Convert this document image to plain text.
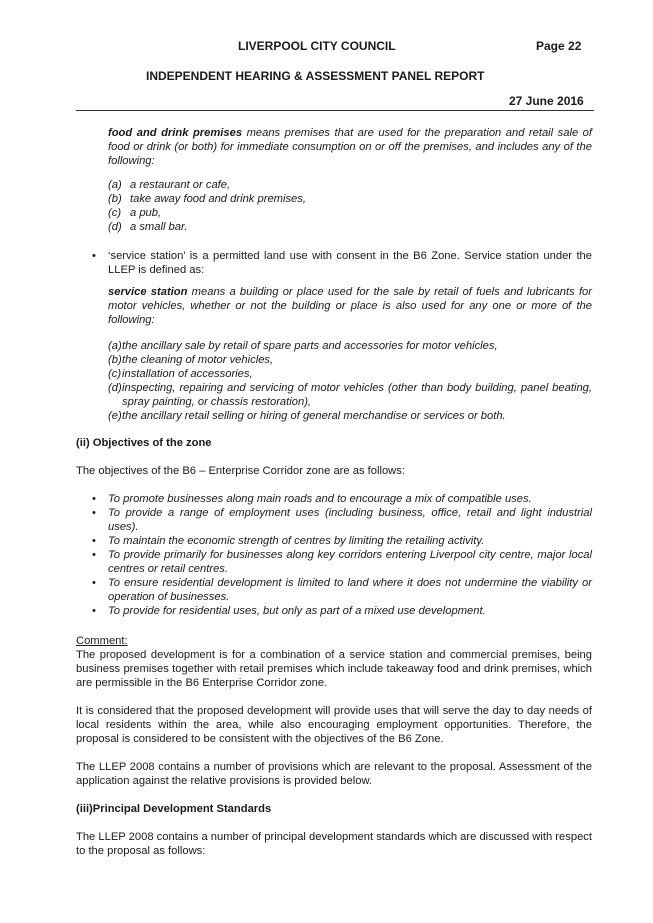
LIVERPOOL CITY COUNCIL	Page 22
INDEPENDENT HEARING & ASSESSMENT PANEL REPORT
27 June 2016
food and drink premises means premises that are used for the preparation and retail sale of food or drink (or both) for immediate consumption on or off the premises, and includes any of the following:
(a) a restaurant or cafe,
(b) take away food and drink premises,
(c) a pub,
(d) a small bar.
•	‘service station’ is a permitted land use with consent in the B6 Zone. Service station under the LLEP is defined as:
service station means a building or place used for the sale by retail of fuels and lubricants for motor vehicles, whether or not the building or place is also used for any one or more of the following:
(a) the ancillary sale by retail of spare parts and accessories for motor vehicles,
(b) the cleaning of motor vehicles,
(c) installation of accessories,
(d) inspecting, repairing and servicing of motor vehicles (other than body building, panel beating, spray painting, or chassis restoration),
(e) the ancillary retail selling or hiring of general merchandise or services or both.
(ii) Objectives of the zone
The objectives of the B6 – Enterprise Corridor zone are as follows:
•	To promote businesses along main roads and to encourage a mix of compatible uses.
•	To provide a range of employment uses (including business, office, retail and light industrial uses).
•	To maintain the economic strength of centres by limiting the retailing activity.
•	To provide primarily for businesses along key corridors entering Liverpool city centre, major local centres or retail centres.
•	To ensure residential development is limited to land where it does not undermine the viability or operation of businesses.
•	To provide for residential uses, but only as part of a mixed use development.
Comment:
The proposed development is for a combination of a service station and commercial premises, being business premises together with retail premises which include takeaway food and drink premises, which are permissible in the B6 Enterprise Corridor zone.
It is considered that the proposed development will provide uses that will serve the day to day needs of local residents within the area, while also encouraging employment opportunities. Therefore, the proposal is considered to be consistent with the objectives of the B6 Zone.
The LLEP 2008 contains a number of provisions which are relevant to the proposal. Assessment of the application against the relative provisions is provided below.
(iii)Principal Development Standards
The LLEP 2008 contains a number of principal development standards which are discussed with respect to the proposal as follows:
